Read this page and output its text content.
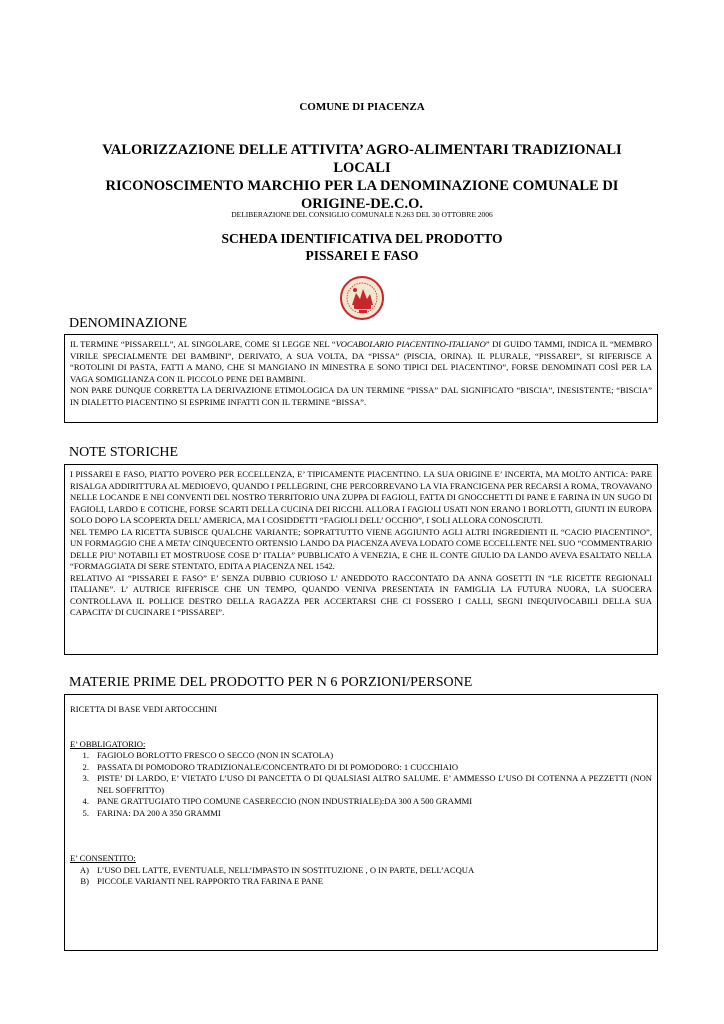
COMUNE DI PIACENZA
VALORIZZAZIONE DELLE ATTIVITA’ AGRO-ALIMENTARI TRADIZIONALI
LOCALI
RICONOSCIMENTO MARCHIO PER LA DENOMINAZIONE COMUNALE DI
ORIGINE-DE.C.O.
DELIBERAZIONE DEL CONSIGLIO COMUNALE N.263 DEL 30 OTTOBRE 2006
SCHEDA IDENTIFICATIVA DEL PRODOTTO
PISSAREI E FASO
DENOMINAZIONE

IL TERMINE “PISSARELL”, AL SINGOLARE, COME SI LEGGE NEL “VOCABOLARIO PIACENTINO-ITALIANO” DI GUIDO TAMMI, INDICA IL “MEMBRO VIRILE SPECIALMENTE DEI BAMBINI”, DERIVATO, A SUA VOLTA, DA “PISSA” (PISCIA, ORINA). IL PLURALE, “PISSAREI”, SI RIFERISCE A “ROTOLINI DI PASTA, FATTI A MANO, CHE SI MANGIANO IN MINESTRA E SONO TIPICI DEL PIACENTINO”, FORSE DENOMINATI COSÌ PER LA VAGA SOMIGLIANZA CON IL PICCOLO PENE DEI BAMBINI.

NON PARE DUNQUE CORRETTA LA DERIVAZIONE ETIMOLOGICA DA UN TERMINE “PISSA” DAL SIGNIFICATO “BISCIA”, INESISTENTE; “BISCIA” IN DIALETTO PIACENTINO SI ESPRIME INFATTI CON IL TERMINE “BISSA”.

NOTE STORICHE

I PISSAREI E FASO, PIATTO POVERO PER ECCELLENZA, E’ TIPICAMENTE PIACENTINO. LA SUA ORIGINE E’ INCERTA, MA MOLTO ANTICA: PARE RISALGA ADDIRITTURA AL MEDIOEVO, QUANDO I PELLEGRINI, CHE PERCORREVANO LA VIA FRANCIGENA PER RECARSI A ROMA, TROVAVANO NELLE LOCANDE E NEI CONVENTI DEL NOSTRO TERRITORIO UNA ZUPPA DI FAGIOLI, FATTA DI GNOCCHETTI DI PANE E FARINA IN UN SUGO DI FAGIOLI, LARDO E COTICHE, FORSE SCARTI DELLA CUCINA DEI RICCHI. ALLORA I FAGIOLI USATI NON ERANO I BORLOTTI, GIUNTI IN EUROPA SOLO DOPO LA SCOPERTA DELL’ AMERICA, MA I COSIDDETTI “FAGIOLI DELL’ OCCHIO”, I SOLI ALLORA CONOSCIUTI.

NEL TEMPO LA RICETTA SUBISCE QUALCHE VARIANTE; SOPRATTUTTO VIENE AGGIUNTO AGLI ALTRI INGREDIENTI IL “CACIO PIACENTINO”, UN FORMAGGIO CHE A META’ CINQUECENTO ORTENSIO LANDO DA PIACENZA AVEVA LODATO COME ECCELLENTE NEL SUO “COMMENTRARIO DELLE PIU’ NOTABILI ET MOSTRUOSE COSE D’ ITALIA” PUBBLICATO A VENEZIA, E CHE IL CONTE GIULIO DA LANDO AVEVA ESALTATO NELLA “FORMAGGIATA DI SERE STENTATO, EDITA A PIACENZA NEL 1542.

RELATIVO AI “PISSAREI E FASO” E’ SENZA DUBBIO CURIOSO L’ ANEDDOTO RACCONTATO DA ANNA GOSETTI IN “LE RICETTE REGIONALI ITALIANE”. L’ AUTRICE RIFERISCE CHE UN TEMPO, QUANDO VENIVA PRESENTATA IN FAMIGLIA LA FUTURA NUORA, LA SUOCERA CONTROLLAVA IL POLLICE DESTRO DELLA RAGAZZA PER ACCERTARSI CHE CI FOSSERO I CALLI, SEGNI INEQUIVOCABILI DELLA SUA CAPACITA’ DI CUCINARE I “PISSAREI”.

MATERIE PRIME DEL PRODOTTO PER N 6 PORZIONI/PERSONE

RICETTA DI BASE VEDI ARTOCCHINI

E’ OBBLIGATORIO:

1. FAGIOLO BORLOTTO FRESCO O SECCO (NON IN SCATOLA)
2. PASSATA DI POMODORO TRADIZIONALE/CONCENTRATO DI DI POMODORO: 1 CUCCHIAIO
3. PISTE’ DI LARDO, E’ VIETATO L’USO DI PANCETTA O DI QUALSIASI ALTRO SALUME. E’ AMMESSO L’USO DI COTENNA A PEZZETTI (NON NEL SOFFRITTO)
4. PANE GRATTUGIATO TIPO COMUNE CASERECCIO (NON INDUSTRIALE):DA 300 A 500 GRAMMI
5. FARINA: DA 200 A 350 GRAMMI

E’ CONSENTITO:

A) L’USO DEL LATTE, EVENTUALE, NELL’IMPASTO IN SOSTITUZIONE , O IN PARTE, DELL’ACQUA
B) PICCOLE VARIANTI NEL RAPPORTO TRA FARINA E PANE
